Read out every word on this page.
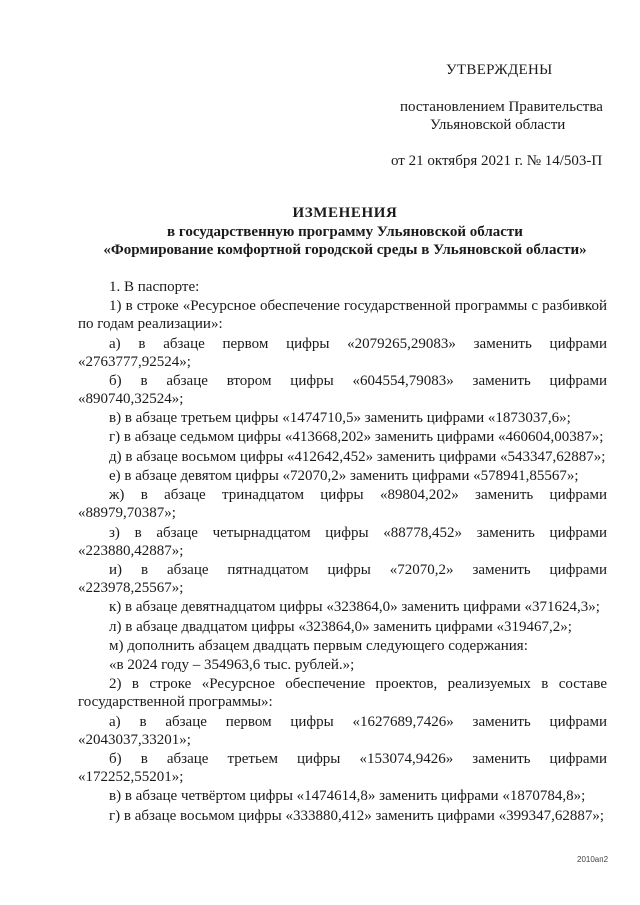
УТВЕРЖДЕНЫ
постановлением Правительства
Ульяновской области
от 21 октября 2021 г. № 14/503-П
ИЗМЕНЕНИЯ
в государственную программу Ульяновской области
«Формирование комфортной городской среды в Ульяновской области»

1. В паспорте:

1) в строке «Ресурсное обеспечение государственной программы с разбивкой по годам реализации»:

а) в абзаце первом цифры «2079265,29083» заменить цифрами «2763777,92524»;

б) в абзаце втором цифры «604554,79083» заменить цифрами «890740,32524»;

в) в абзаце третьем цифры «1474710,5» заменить цифрами «1873037,6»;

г) в абзаце седьмом цифры «413668,202» заменить цифрами «460604,00387»;

д) в абзаце восьмом цифры «412642,452» заменить цифрами «543347,62887»;

е) в абзаце девятом цифры «72070,2» заменить цифрами «578941,85567»;

ж) в абзаце тринадцатом цифры «89804,202» заменить цифрами «88979,70387»;

з) в абзаце четырнадцатом цифры «88778,452» заменить цифрами «223880,42887»;

и) в абзаце пятнадцатом цифры «72070,2» заменить цифрами «223978,25567»;

к) в абзаце девятнадцатом цифры «323864,0» заменить цифрами «371624,3»;

л) в абзаце двадцатом цифры «323864,0» заменить цифрами «319467,2»;

м) дополнить абзацем двадцать первым следующего содержания:

«в 2024 году – 354963,6 тыс. рублей.»;

2) в строке «Ресурсное обеспечение проектов, реализуемых в составе государственной программы»:

а) в абзаце первом цифры «1627689,7426» заменить цифрами «2043037,33201»;

б) в абзаце третьем цифры «153074,9426» заменить цифрами «172252,55201»;

в) в абзаце четвёртом цифры «1474614,8» заменить цифрами «1870784,8»;

г) в абзаце восьмом цифры «333880,412» заменить цифрами «399347,62887»;

2010ап2
